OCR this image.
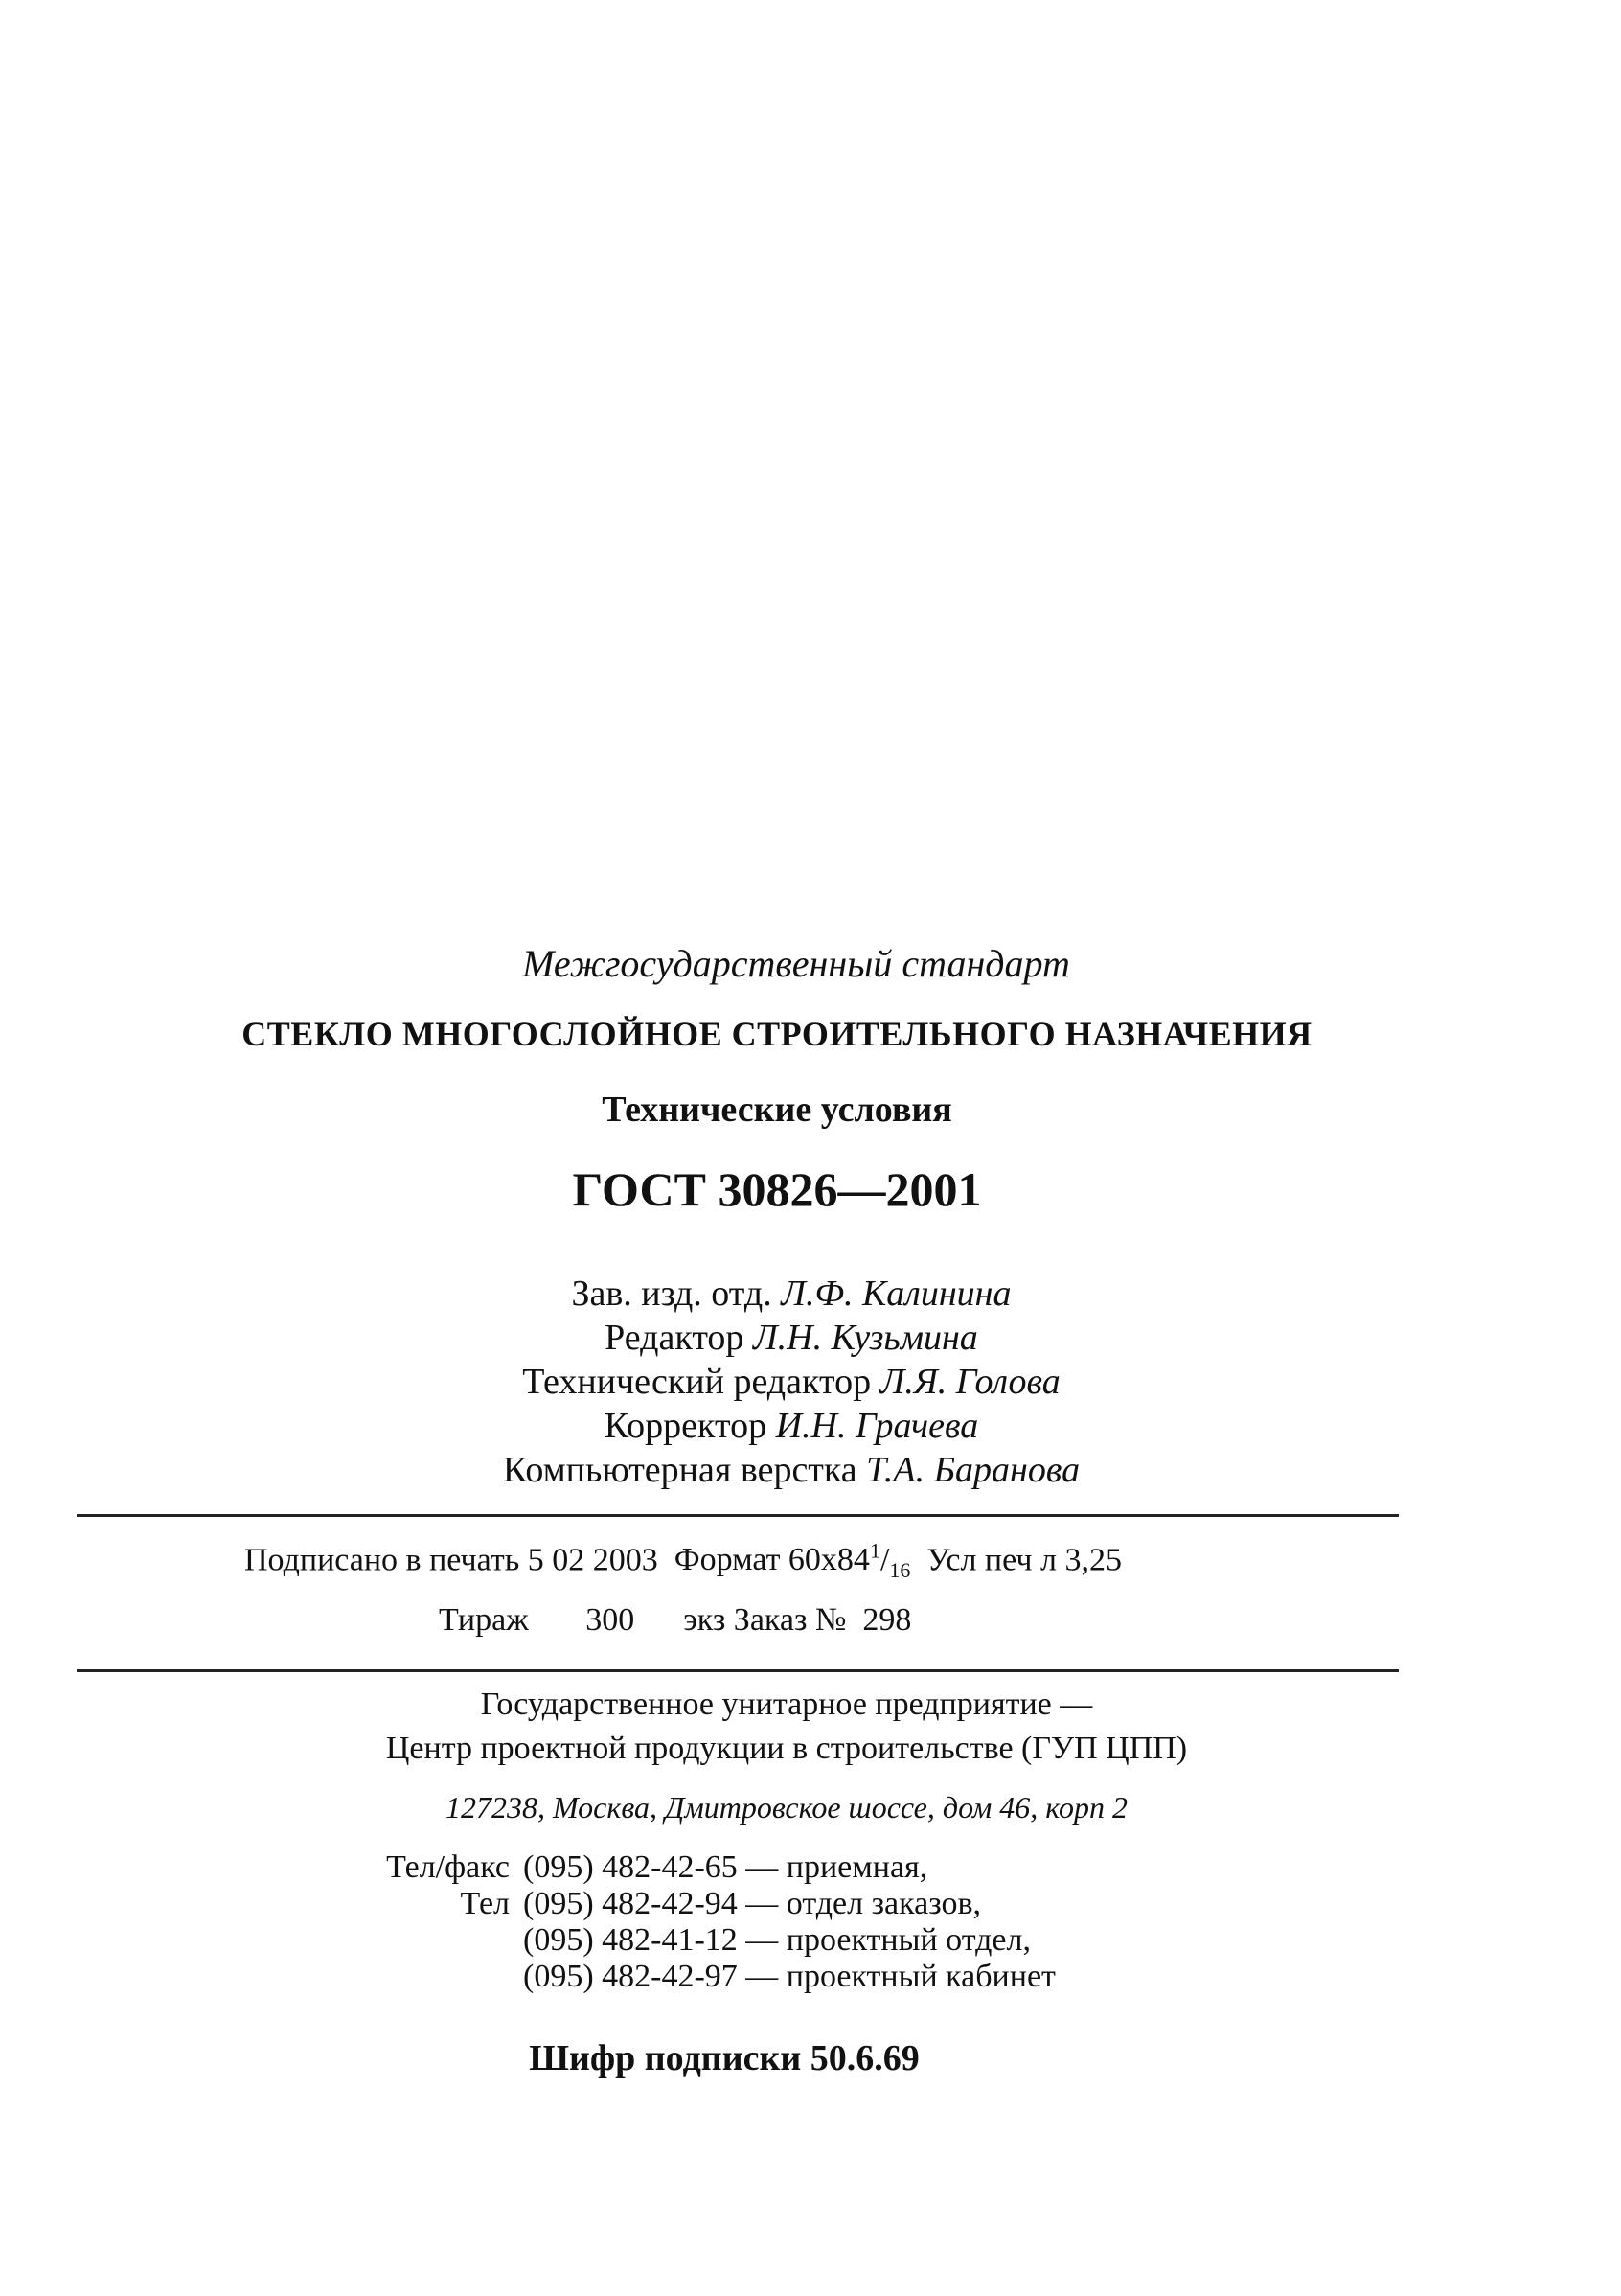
Межгосударственный стандарт
СТЕКЛО МНОГОСЛОЙНОЕ СТРОИТЕЛЬНОГО НАЗНАЧЕНИЯ
Технические условия
ГОСТ 30826—2001
Зав. изд. отд. Л.Ф. Калинина
Редактор Л.Н. Кузьмина
Технический редактор Л.Я. Голова
Корректор И.Н. Грачева
Компьютерная верстка Т.А. Баранова
Подписано в печать 5 02 2003 Формат $60х84^1/_{16}$ Усл печ л 3,25
Тираж 300 экз Заказ № 298
Государственное унитарное предприятие —
Центр проектной продукции в строительстве (ГУП ЦПП)
127238, Москва, Дмитровское шоссе, дом 46, корп 2
Тел/факс (095) 482-42-65 — приемная,
Тел (095) 482-42-94 — отдел заказов,
(095) 482-41-12 — проектный отдел,
(095) 482-42-97 — проектный кабинет
Шифр подписки 50.6.69
